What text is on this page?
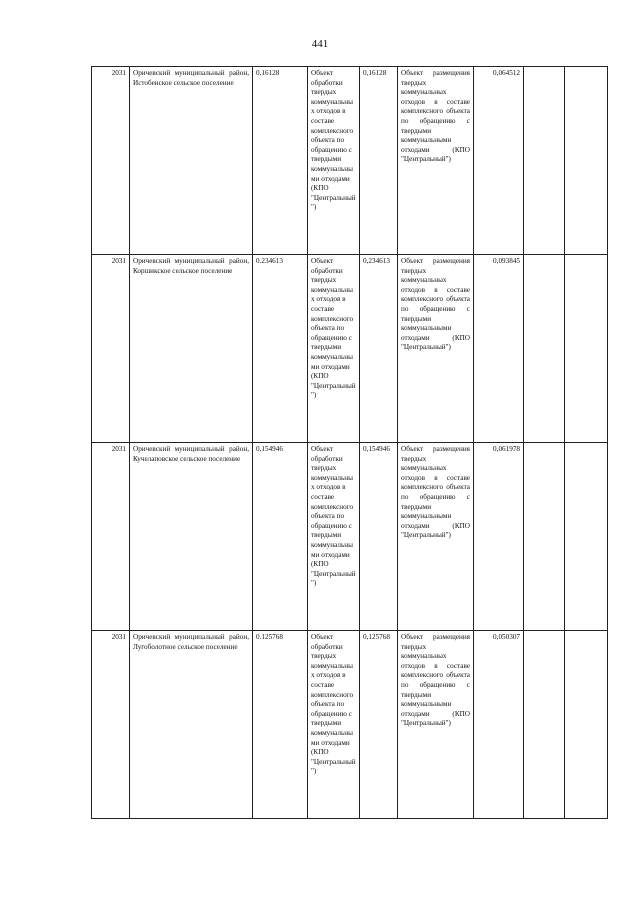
441
2031	Оричевский муниципальный район, Истобенское сельское поселение	0,16128	Объект обработки твердых коммунальных отходов в составе комплексного объекта по обращению с твердыми коммунальными отходами (КПО "Центральный")	0,16128	Объект размещения твердых коммунальных отходов в составе комплексного объекта по обращению с твердыми коммунальными отходами (КПО "Центральный")	0,064512		
2031	Оричевский муниципальный район, Коршикское сельское поселение	0.234613	Объект обработки твердых коммунальных отходов в составе комплексного объекта по обращению с твердыми коммунальными отходами (КПО "Центральный")	0,234613	Объект размещения твердых коммунальных отходов в составе комплексного объекта по обращению с твердыми коммунальными отходами (КПО "Центральный")	0,093845		
2031	Оричевский муниципальный район, Кучелаповское сельское поселение	0,154946	Объект обработки твердых коммунальных отходов в составе комплексного объекта по обращению с твердыми коммунальными отходами (КПО "Центральный")	0,154946	Объект размещения твердых коммунальных отходов в составе комплексного объекта по обращению с твердыми коммунальными отходами (КПО "Центральный")	0,061978		
2031	Оричевский муниципальный район, Лугоболотное сельское поселение	0.125768	Объект обработки твердых коммунальных отходов в составе комплексного объекта по обращению с твердыми коммунальными отходами (КПО "Центральный")	0,125768	Объект размещения твердых коммунальных отходов в составе комплексного объекта по обращению с твердыми коммунальными отходами (КПО "Центральный")	0,050307		
